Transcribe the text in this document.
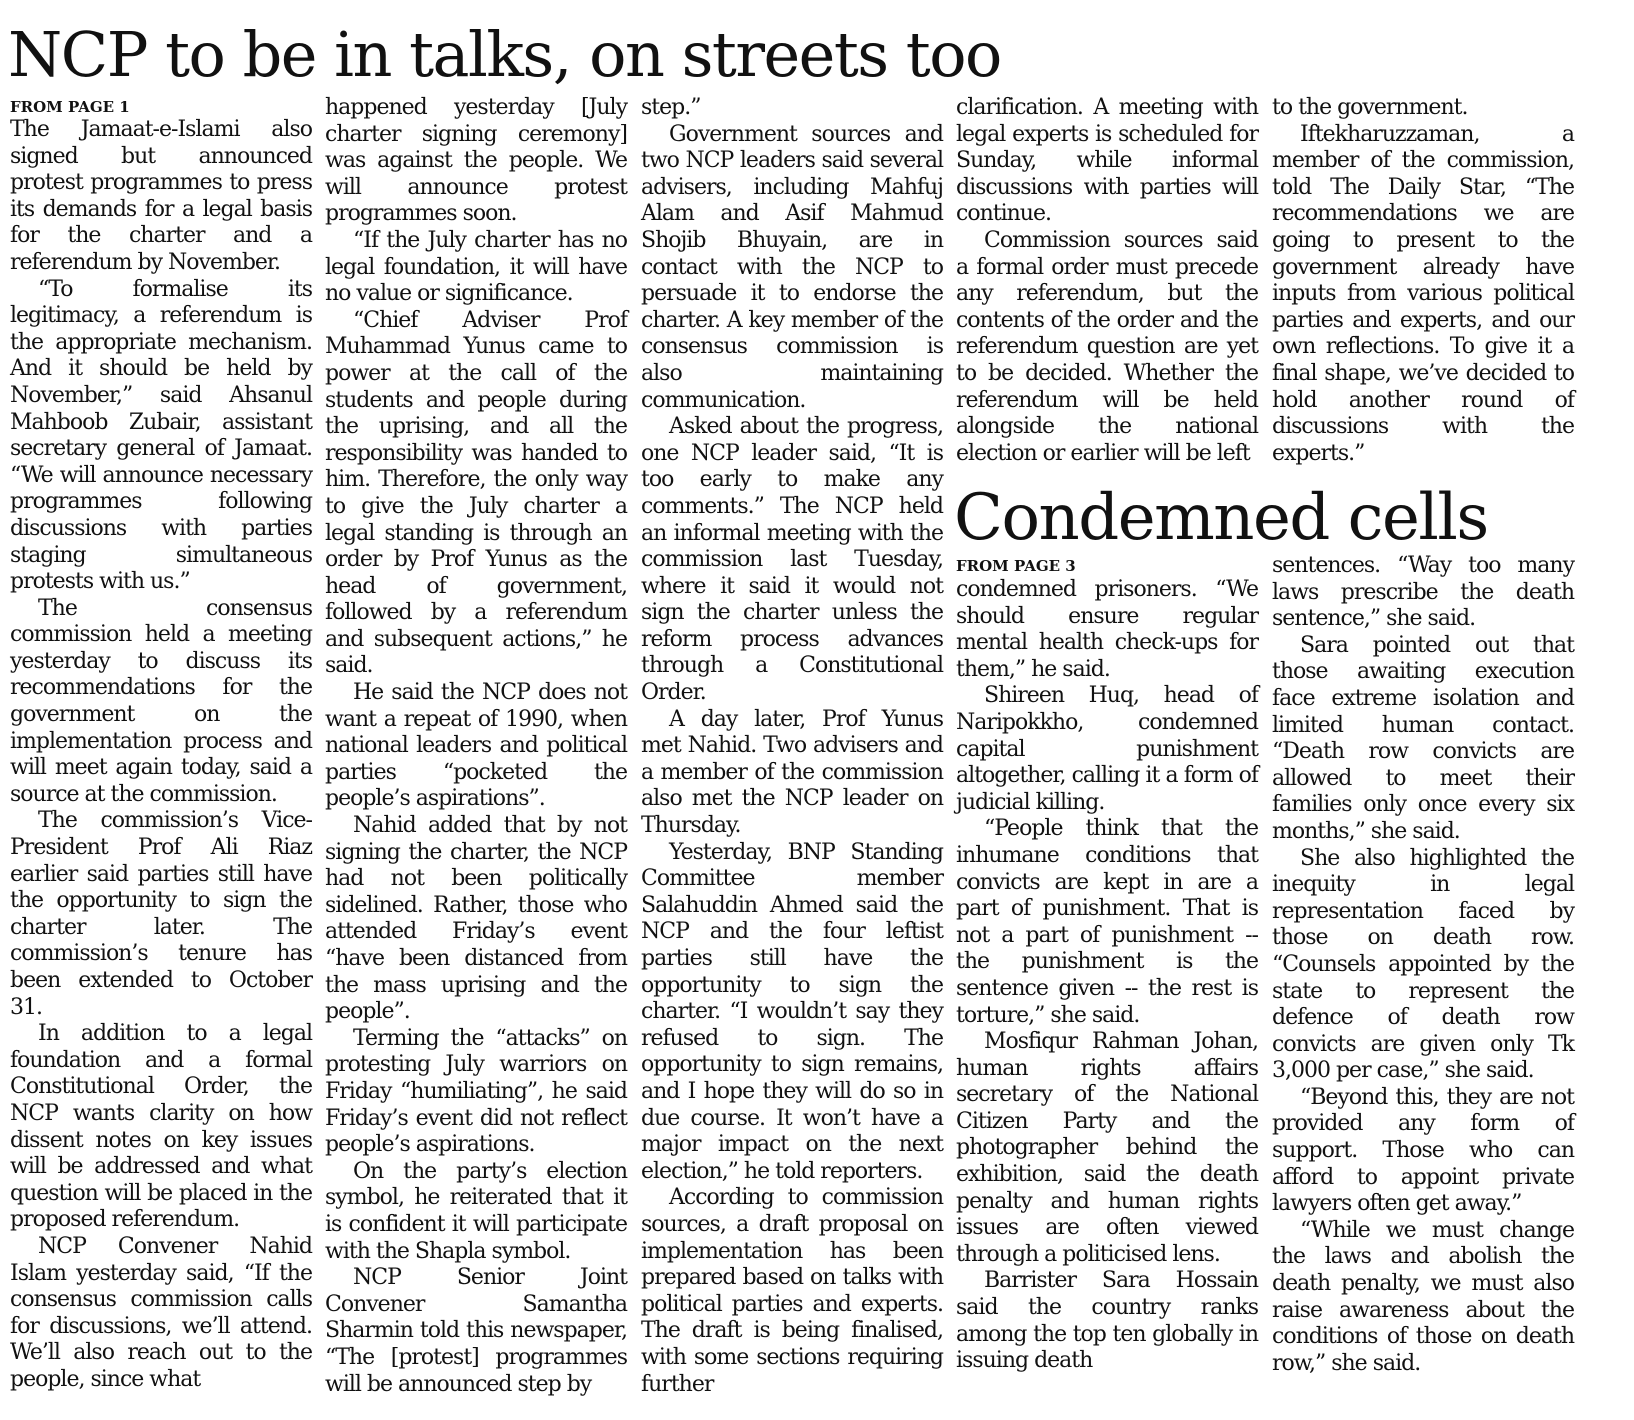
NCP to be in talks, on streets too
FROM PAGE 1

The Jamaat-e-Islami also signed but announced protest programmes to press its demands for a legal basis for the charter and a referendum by November.

“To formalise its legitimacy, a referendum is the appropriate mechanism. And it should be held by November,” said Ahsanul Mahboob Zubair, assistant secretary general of Jamaat. “We will announce necessary programmes following discussions with parties staging simultaneous protests with us.”

The consensus commission held a meeting yesterday to discuss its recommendations for the government on the implementation process and will meet again today, said a source at the commission.

The commission’s Vice-President Prof Ali Riaz earlier said parties still have the opportunity to sign the charter later. The commission’s tenure has been extended to October 31.

In addition to a legal foundation and a formal Constitutional Order, the NCP wants clarity on how dissent notes on key issues will be addressed and what question will be placed in the proposed referendum.

NCP Convener Nahid Islam yesterday said, “If the consensus commission calls for discussions, we’ll attend. We’ll also reach out to the people, since what

happened yesterday [July charter signing ceremony] was against the people. We will announce protest programmes soon.

“If the July charter has no legal foundation, it will have no value or significance.

“Chief Adviser Prof Muhammad Yunus came to power at the call of the students and people during the uprising, and all the responsibility was handed to him. Therefore, the only way to give the July charter a legal standing is through an order by Prof Yunus as the head of government, followed by a referendum and subsequent actions,” he said.

He said the NCP does not want a repeat of 1990, when national leaders and political parties “pocketed the people’s aspirations”.

Nahid added that by not signing the charter, the NCP had not been politically sidelined. Rather, those who attended Friday’s event “have been distanced from the mass uprising and the people”.

Terming the “attacks” on protesting July warriors on Friday “humiliating”, he said Friday’s event did not reflect people’s aspirations.

On the party’s election symbol, he reiterated that it is confident it will participate with the Shapla symbol.

NCP Senior Joint Convener Samantha Sharmin told this newspaper, “The [protest] programmes will be announced step by

step.”

Government sources and two NCP leaders said several advisers, including Mahfuj Alam and Asif Mahmud Shojib Bhuyain, are in contact with the NCP to persuade it to endorse the charter. A key member of the consensus commission is also maintaining communication.

Asked about the progress, one NCP leader said, “It is too early to make any comments.” The NCP held an informal meeting with the commission last Tuesday, where it said it would not sign the charter unless the reform process advances through a Constitutional Order.

A day later, Prof Yunus met Nahid. Two advisers and a member of the commission also met the NCP leader on Thursday.

Yesterday, BNP Standing Committee member Salahuddin Ahmed said the NCP and the four leftist parties still have the opportunity to sign the charter. “I wouldn’t say they refused to sign. The opportunity to sign remains, and I hope they will do so in due course. It won’t have a major impact on the next election,” he told reporters.

According to commission sources, a draft proposal on implementation has been prepared based on talks with political parties and experts. The draft is being finalised, with some sections requiring further

clarification. A meeting with legal experts is scheduled for Sunday, while informal discussions with parties will continue.

Commission sources said a formal order must precede any referendum, but the contents of the order and the referendum question are yet to be decided. Whether the referendum will be held alongside the national election or earlier will be left

to the government.

Iftekharuzzaman, a member of the commission, told The Daily Star, “The recommendations we are going to present to the government already have inputs from various political parties and experts, and our own reflections. To give it a final shape, we’ve decided to hold another round of discussions with the experts.”

Condemned cells
FROM PAGE 3

condemned prisoners. “We should ensure regular mental health check-ups for them,” he said.

Shireen Huq, head of Naripokkho, condemned capital punishment altogether, calling it a form of judicial killing.

“People think that the inhumane conditions that convicts are kept in are a part of punishment. That is not a part of punishment -- the punishment is the sentence given -- the rest is torture,” she said.

Mosfiqur Rahman Johan, human rights affairs secretary of the National Citizen Party and the photographer behind the exhibition, said the death penalty and human rights issues are often viewed through a politicised lens.

Barrister Sara Hossain said the country ranks among the top ten globally in issuing death

sentences. “Way too many laws prescribe the death sentence,” she said.

Sara pointed out that those awaiting execution face extreme isolation and limited human contact. “Death row convicts are allowed to meet their families only once every six months,” she said.

She also highlighted the inequity in legal representation faced by those on death row. “Counsels appointed by the state to represent the defence of death row convicts are given only Tk 3,000 per case,” she said.

“Beyond this, they are not provided any form of support. Those who can afford to appoint private lawyers often get away.”

“While we must change the laws and abolish the death penalty, we must also raise awareness about the conditions of those on death row,” she said.
